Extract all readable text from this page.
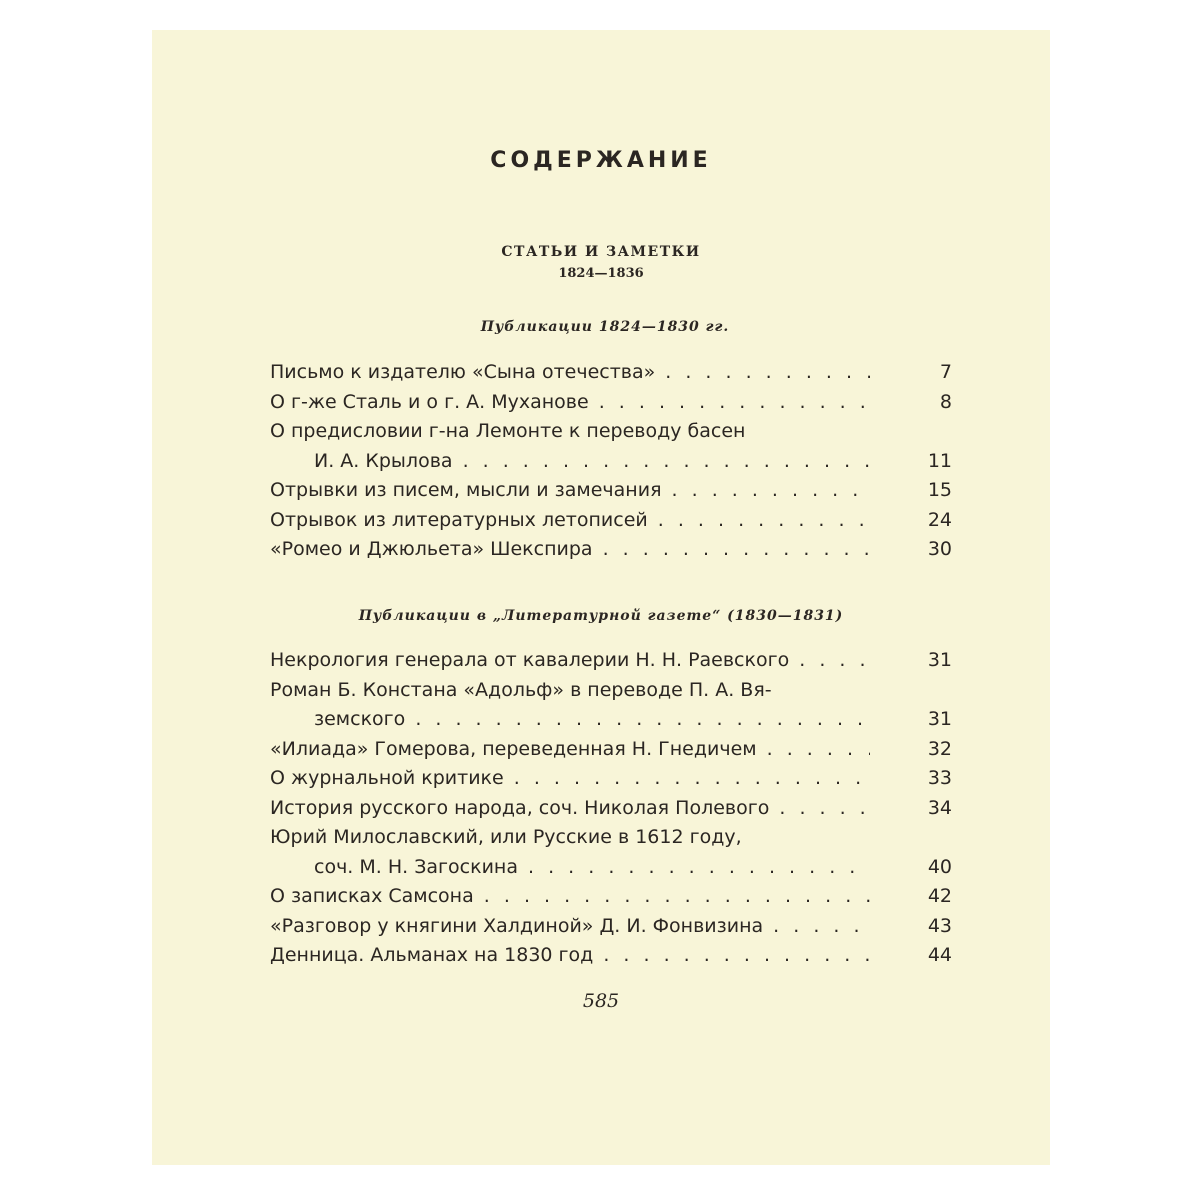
СОДЕРЖАНИЕ
СТАТЬИ И ЗАМЕТКИ
1824—1836
Публикации 1824—1830 гг.
Письмо к издателю «Сына отечества» . . .	7
О г-же Сталь и о г. А. Муханове . . .	8
О предисловии г-на Лемонте к переводу басен
И. А. Крылова . . .	11
Отрывки из писем, мысли и замечания . . .	15
Отрывок из литературных летописей . . .	24
«Ромео и Джюльета» Шекспира . . .	30
Публикации в „Литературной газете“ (1830—1831)
Некрология генерала от кавалерии Н. Н. Раевского . . .	31
Роман Б. Констана «Адольф» в переводе П. А. Вя-
земского . . .	31
«Илиада» Гомерова, переведенная Н. Гнедичем . . .	32
О журнальной критике . . .	33
История русского народа, соч. Николая Полевого . . .	34
Юрий Милославский, или Русские в 1612 году,
соч. М. Н. Загоскина . . .	40
О записках Самсона . . .	42
«Разговор у княгини Халдиной» Д. И. Фонвизина . . .	43
Денница. Альманах на 1830 год . . .	44
585
